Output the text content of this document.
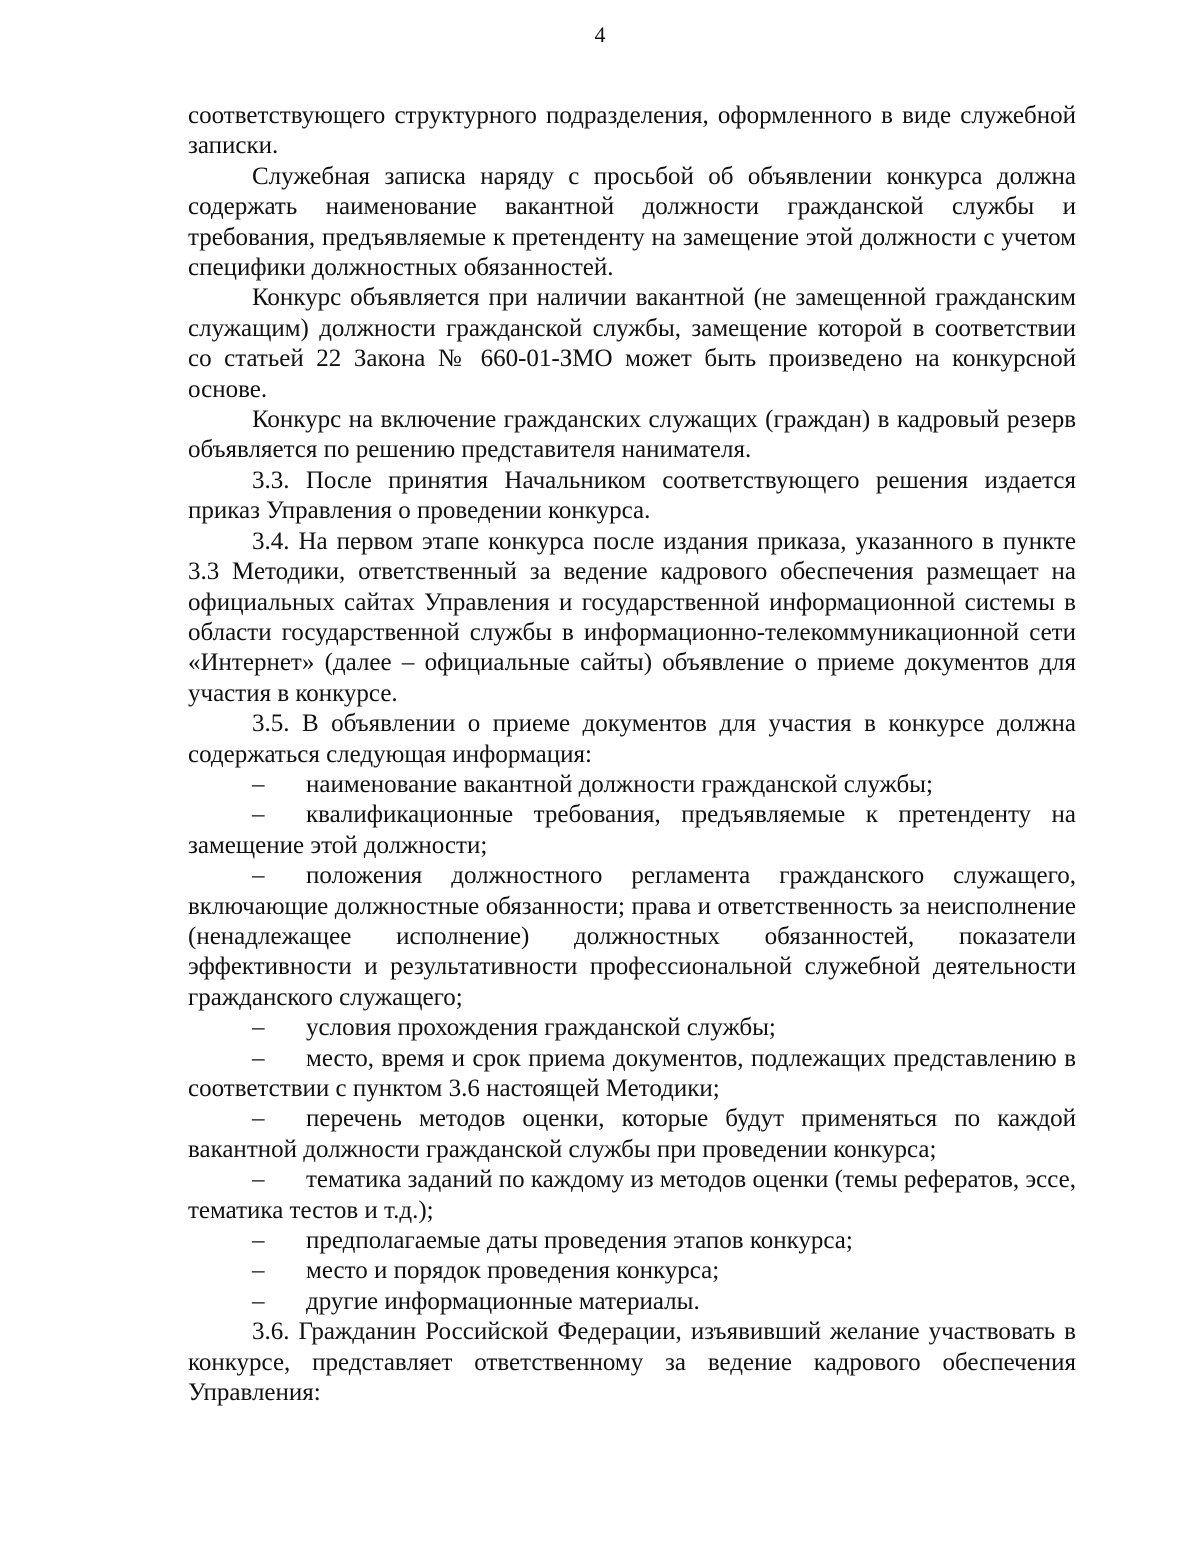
4

соответствующего структурного подразделения, оформленного в виде служебной записки.

Служебная записка наряду с просьбой об объявлении конкурса должна содержать наименование вакантной должности гражданской службы и требования, предъявляемые к претенденту на замещение этой должности с учетом специфики должностных обязанностей.

Конкурс объявляется при наличии вакантной (не замещенной гражданским служащим) должности гражданской службы, замещение которой в соответствии со статьей 22 Закона № 660-01-ЗМО может быть произведено на конкурсной основе.

Конкурс на включение гражданских служащих (граждан) в кадровый резерв объявляется по решению представителя нанимателя.

3.3. После принятия Начальником соответствующего решения издается приказ Управления о проведении конкурса.

3.4. На первом этапе конкурса после издания приказа, указанного в пункте 3.3 Методики, ответственный за ведение кадрового обеспечения размещает на официальных сайтах Управления и государственной информационной системы в области государственной службы в информационно-телекоммуникационной сети «Интернет» (далее – официальные сайты) объявление о приеме документов для участия в конкурсе.

3.5. В объявлении о приеме документов для участия в конкурсе должна содержаться следующая информация:

– наименование вакантной должности гражданской службы;

– квалификационные требования, предъявляемые к претенденту на замещение этой должности;

– положения должностного регламента гражданского служащего, включающие должностные обязанности; права и ответственность за неисполнение (ненадлежащее исполнение) должностных обязанностей, показатели эффективности и результативности профессиональной служебной деятельности гражданского служащего;

– условия прохождения гражданской службы;

– место, время и срок приема документов, подлежащих представлению в соответствии с пунктом 3.6 настоящей Методики;

– перечень методов оценки, которые будут применяться по каждой вакантной должности гражданской службы при проведении конкурса;

– тематика заданий по каждому из методов оценки (темы рефератов, эссе, тематика тестов и т.д.);

– предполагаемые даты проведения этапов конкурса;

– место и порядок проведения конкурса;

– другие информационные материалы.

3.6. Гражданин Российской Федерации, изъявивший желание участвовать в конкурсе, представляет ответственному за ведение кадрового обеспечения Управления:
